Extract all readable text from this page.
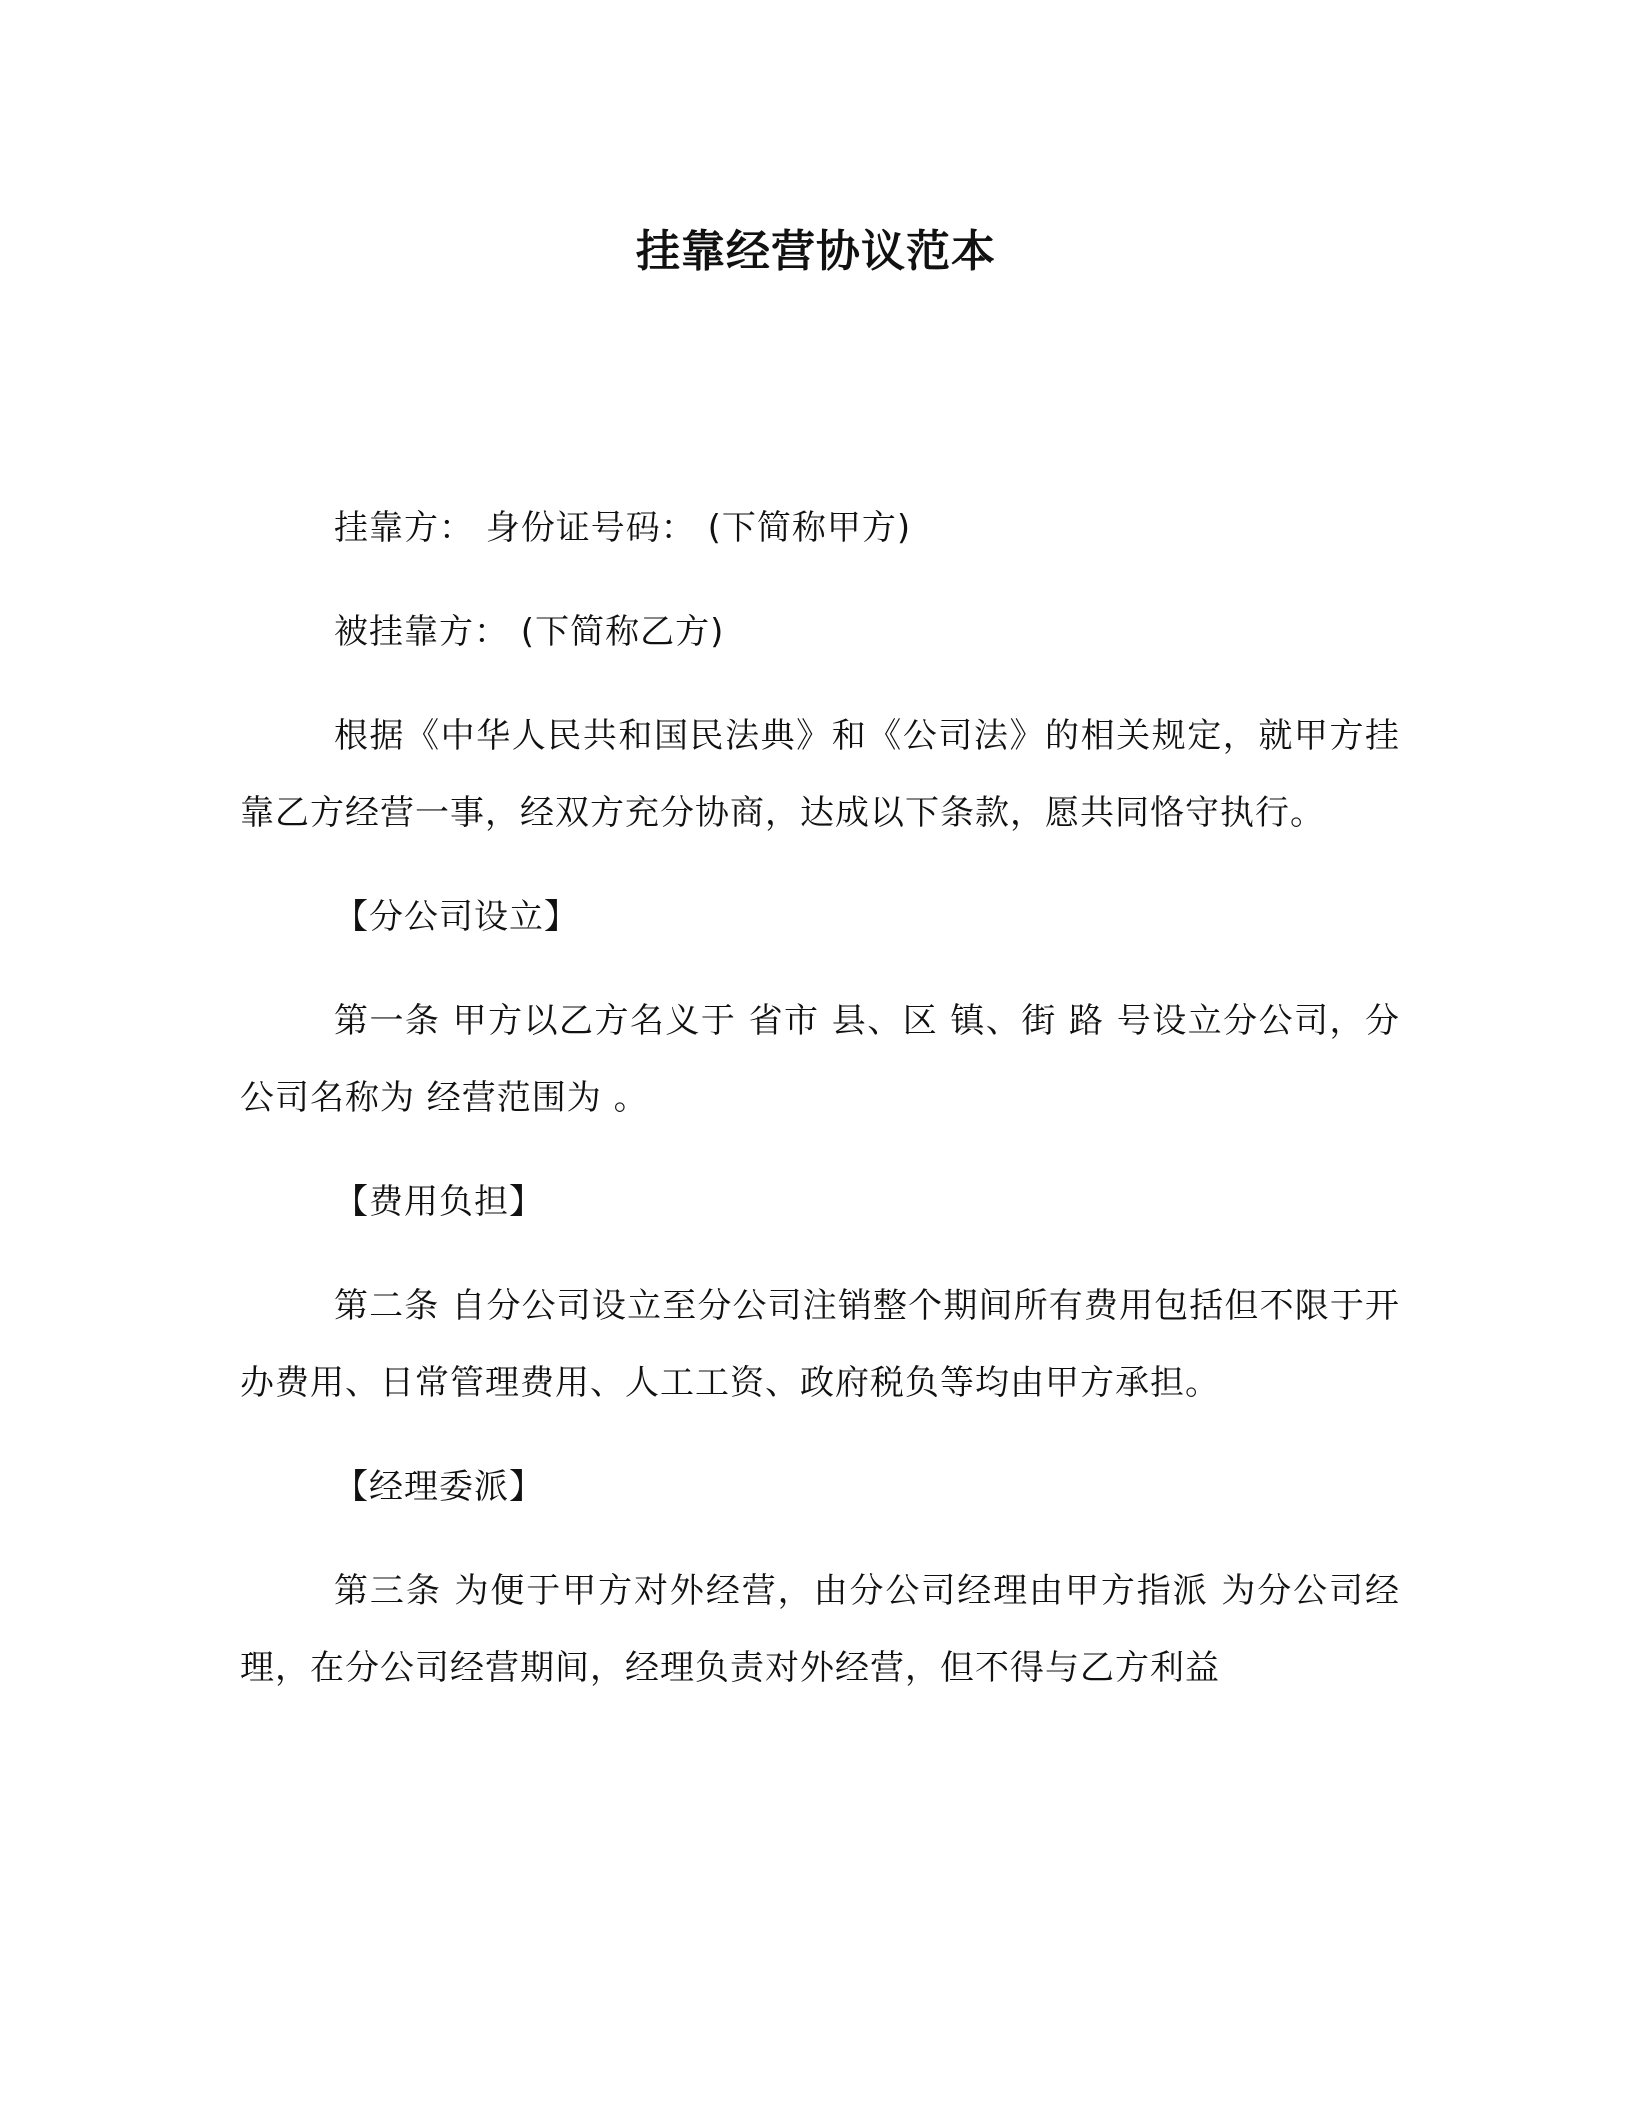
挂靠经营协议范本

挂靠方： 身份证号码： (下简称甲方)

被挂靠方： (下简称乙方)

根据《中华人民共和国民法典》和《公司法》的相关规定，就甲方挂靠乙方经营一事，经双方充分协商，达成以下条款，愿共同恪守执行。

【分公司设立】

第一条 甲方以乙方名义于 省市 县、区 镇、街 路 号设立分公司，分公司名称为 经营范围为 。

【费用负担】

第二条 自分公司设立至分公司注销整个期间所有费用包括但不限于开办费用、日常管理费用、人工工资、政府税负等均由甲方承担。

【经理委派】

第三条 为便于甲方对外经营，由分公司经理由甲方指派 为分公司经理，在分公司经营期间，经理负责对外经营，但不得与乙方利益
